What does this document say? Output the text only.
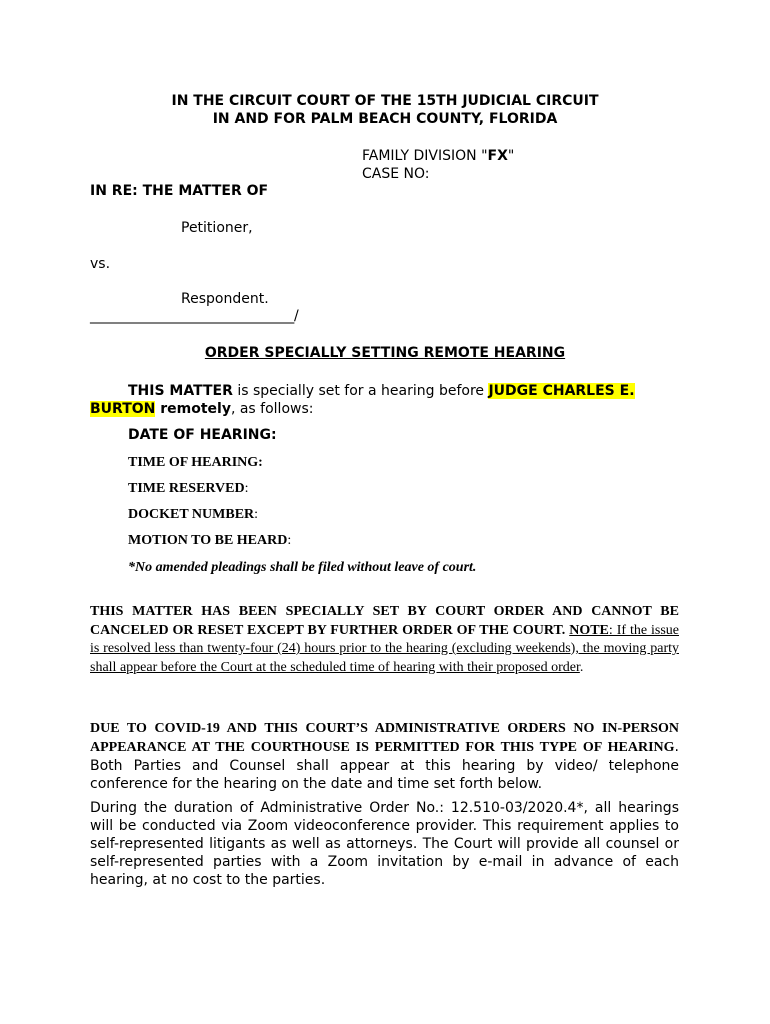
IN THE CIRCUIT COURT OF THE 15TH JUDICIAL CIRCUIT
IN AND FOR PALM BEACH COUNTY, FLORIDA
FAMILY DIVISION "FX"
CASE NO:
IN RE: THE MATTER OF
Petitioner,
vs.
Respondent.
______________________________/
ORDER SPECIALLY SETTING REMOTE HEARING
THIS MATTER is specially set for a hearing before JUDGE CHARLES E.
BURTON remotely, as follows:
DATE OF HEARING:
TIME OF HEARING:
TIME RESERVED:
DOCKET NUMBER:
MOTION TO BE HEARD:
*No amended pleadings shall be filed without leave of court.
THIS MATTER HAS BEEN SPECIALLY SET BY COURT ORDER AND CANNOT BE CANCELED OR RESET EXCEPT BY FURTHER ORDER OF THE COURT. NOTE: If the issue is resolved less than twenty-four (24) hours prior to the hearing (excluding weekends), the moving party shall appear before the Court at the scheduled time of hearing with their proposed order.
DUE TO COVID-19 AND THIS COURT’S ADMINISTRATIVE ORDERS NO IN-PERSON APPEARANCE AT THE COURTHOUSE IS PERMITTED FOR THIS TYPE OF HEARING. Both Parties and Counsel shall appear at this hearing by video/ telephone conference for the hearing on the date and time set forth below.
During the duration of Administrative Order No.: 12.510-03/2020.4*, all hearings will be conducted via Zoom videoconference provider. This requirement applies to self-represented litigants as well as attorneys. The Court will provide all counsel or self-represented parties with a Zoom invitation by e-mail in advance of each hearing, at no cost to the parties.
